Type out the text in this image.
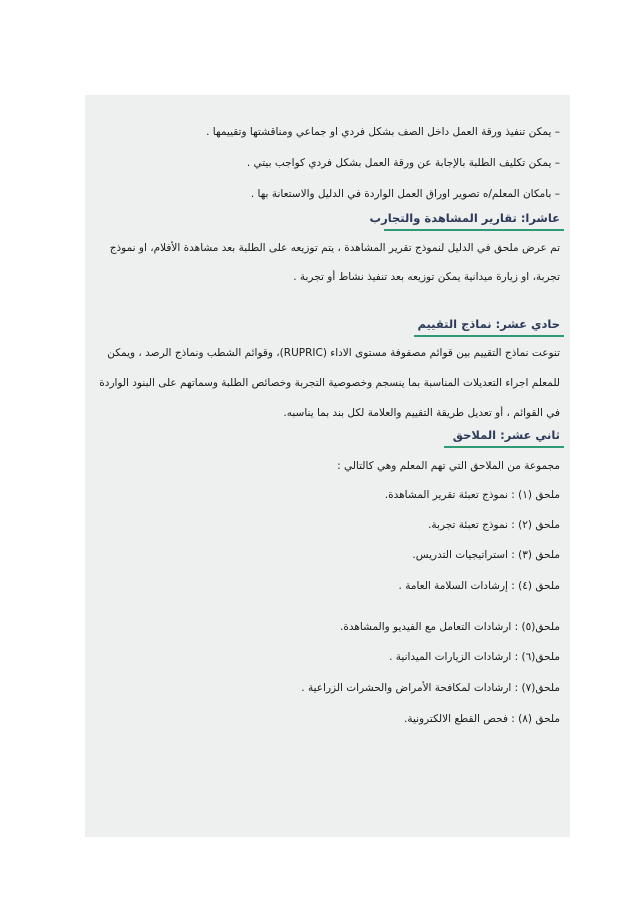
– يمكن تنفيذ ورقة العمل داخل الصف بشكل فردي او جماعي ومناقشتها وتقييمها .
– يمكن تكليف الطلبة بالإجابة عن ورقة العمل بشكل فردي كواجب بيتي .
– بامكان المعلم/ه تصوير اوراق العمل الواردة في الدليل والاستعانة بها .
عاشرا: تقارير المشاهدة والتجارب
تم عرض ملحق في الدليل لنموذج تقرير المشاهدة ، يتم توزيعه على الطلبة بعد مشاهدة الأفلام، او نموذج
تجربة، او زيارة ميدانية يمكن توزيعه بعد تنفيذ نشاط أو تجربة .
حادي عشر: نماذج التقييم
تنوعت نماذج التقييم بين قوائم مصفوفة مستوى الاداء (RUPRIC)، وقوائم الشطب ونماذج الرصد ، ويمكن
للمعلم اجراء التعديلات المناسبة بما ينسجم وخصوصية التجربة وخصائص الطلبة وسماتهم على البنود الواردة
في القوائم ، أو تعديل طريقة التقييم والعلامة لكل بند بما يناسبه.
ثاني عشر: الملاحق
مجموعة من الملاحق التي تهم المعلم وهي كالتالي :
ملحق (١) : نموذج تعبئة تقرير المشاهدة.
ملحق (٢) : نموذج تعبئة تجربة.
ملحق (٣) : استراتيجيات التدريس.
ملحق (٤) : إرشادات السلامة العامة .
ملحق(٥) : ارشادات التعامل مع الفيديو والمشاهدة.
ملحق(٦) : ارشادات الزيارات الميدانية .
ملحق(٧) : ارشادات لمكافحة الأمراض والحشرات الزراعية .
ملحق (٨) : فحص القطع الالكترونية.
